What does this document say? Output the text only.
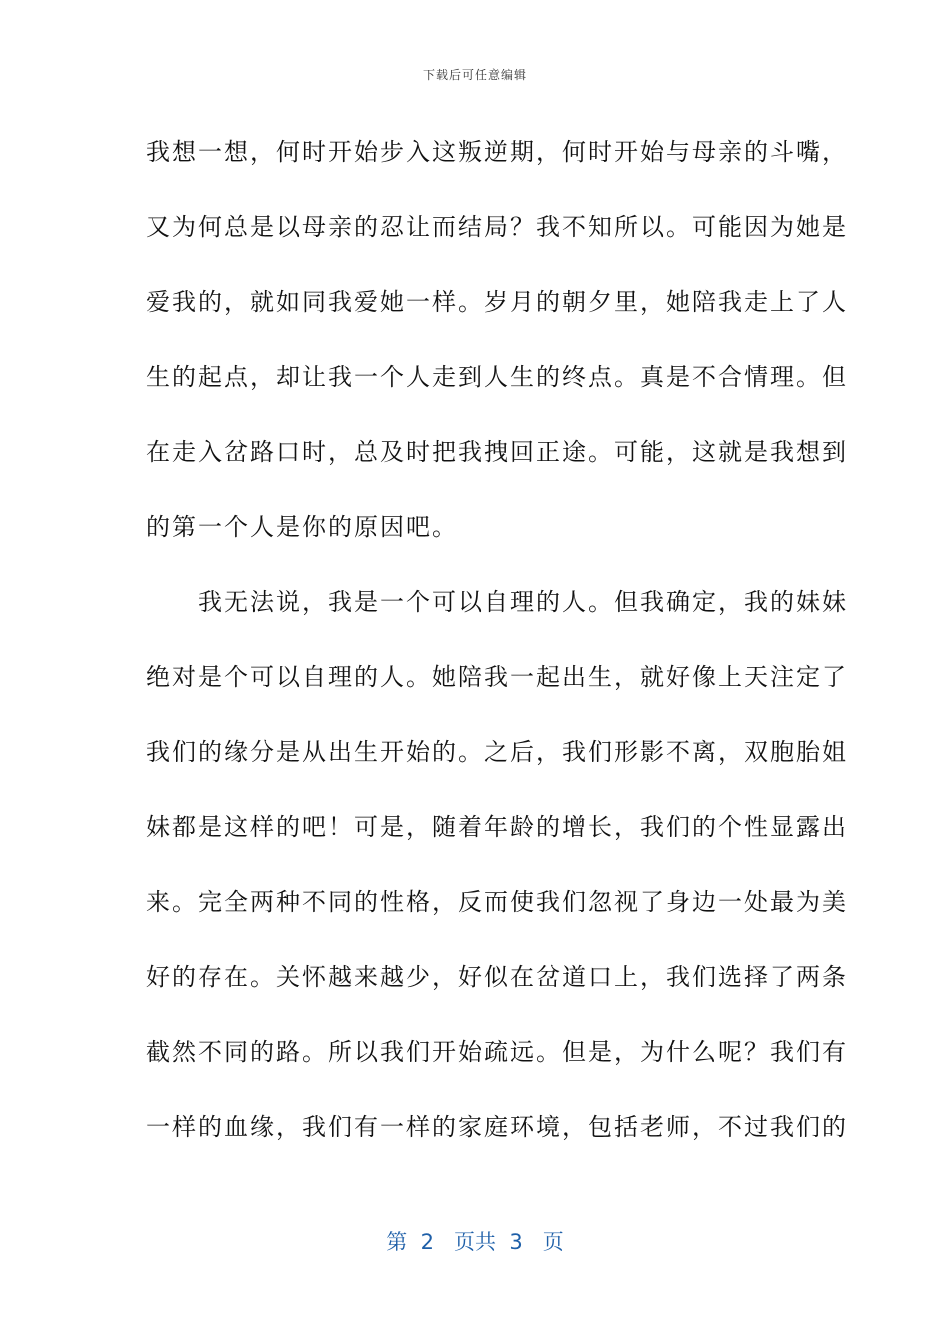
下载后可任意编辑
我想一想，何时开始步入这叛逆期，何时开始与母亲的斗嘴，
又为何总是以母亲的忍让而结局？我不知所以。可能因为她是
爱我的，就如同我爱她一样。岁月的朝夕里，她陪我走上了人
生的起点，却让我一个人走到人生的终点。真是不合情理。但
在走入岔路口时，总及时把我拽回正途。可能，这就是我想到
的第一个人是你的原因吧。
　　我无法说，我是一个可以自理的人。但我确定，我的妹妹
绝对是个可以自理的人。她陪我一起出生，就好像上天注定了
我们的缘分是从出生开始的。之后，我们形影不离，双胞胎姐
妹都是这样的吧！可是，随着年龄的增长，我们的个性显露出
来。完全两种不同的性格，反而使我们忽视了身边一处最为美
好的存在。关怀越来越少，好似在岔道口上，我们选择了两条
截然不同的路。所以我们开始疏远。但是，为什么呢？我们有
一样的血缘，我们有一样的家庭环境，包括老师，不过我们的
第  2   页共  3   页
